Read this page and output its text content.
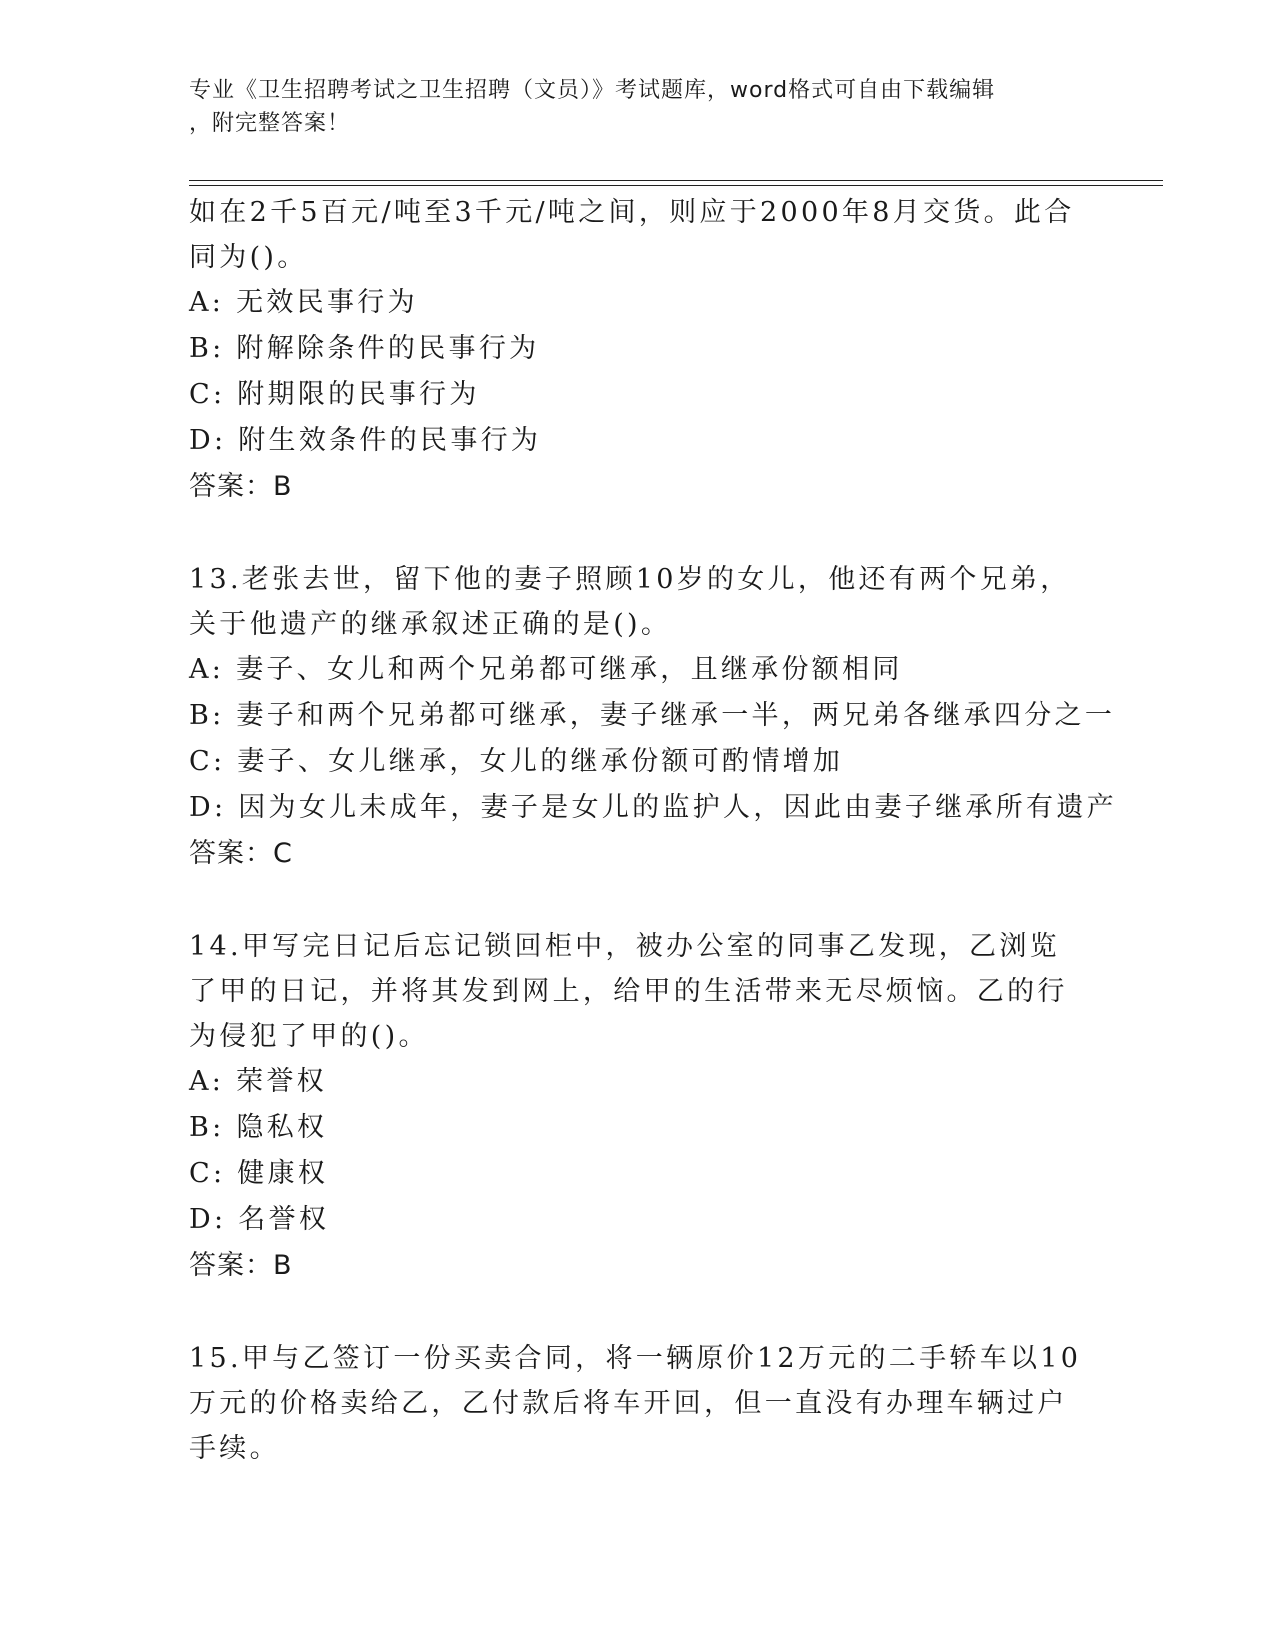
专业《卫生招聘考试之卫生招聘（文员）》考试题库，word格式可自由下载编辑
，附完整答案！

如在2千5百元/吨至3千元/吨之间，则应于2000年8月交货。此合同为()。

A: 无效民事行为

B: 附解除条件的民事行为

C: 附期限的民事行为

D: 附生效条件的民事行为

答案：B

13.老张去世，留下他的妻子照顾10岁的女儿，他还有两个兄弟，关于他遗产的继承叙述正确的是()。

A: 妻子、女儿和两个兄弟都可继承，且继承份额相同

B: 妻子和两个兄弟都可继承，妻子继承一半，两兄弟各继承四分之一

C: 妻子、女儿继承，女儿的继承份额可酌情增加

D: 因为女儿未成年，妻子是女儿的监护人，因此由妻子继承所有遗产

答案：C

14.甲写完日记后忘记锁回柜中，被办公室的同事乙发现，乙浏览了甲的日记，并将其发到网上，给甲的生活带来无尽烦恼。乙的行为侵犯了甲的()。

A: 荣誉权

B: 隐私权

C: 健康权

D: 名誉权

答案：B

15.甲与乙签订一份买卖合同，将一辆原价12万元的二手轿车以10万元的价格卖给乙，乙付款后将车开回，但一直没有办理车辆过户手续。
